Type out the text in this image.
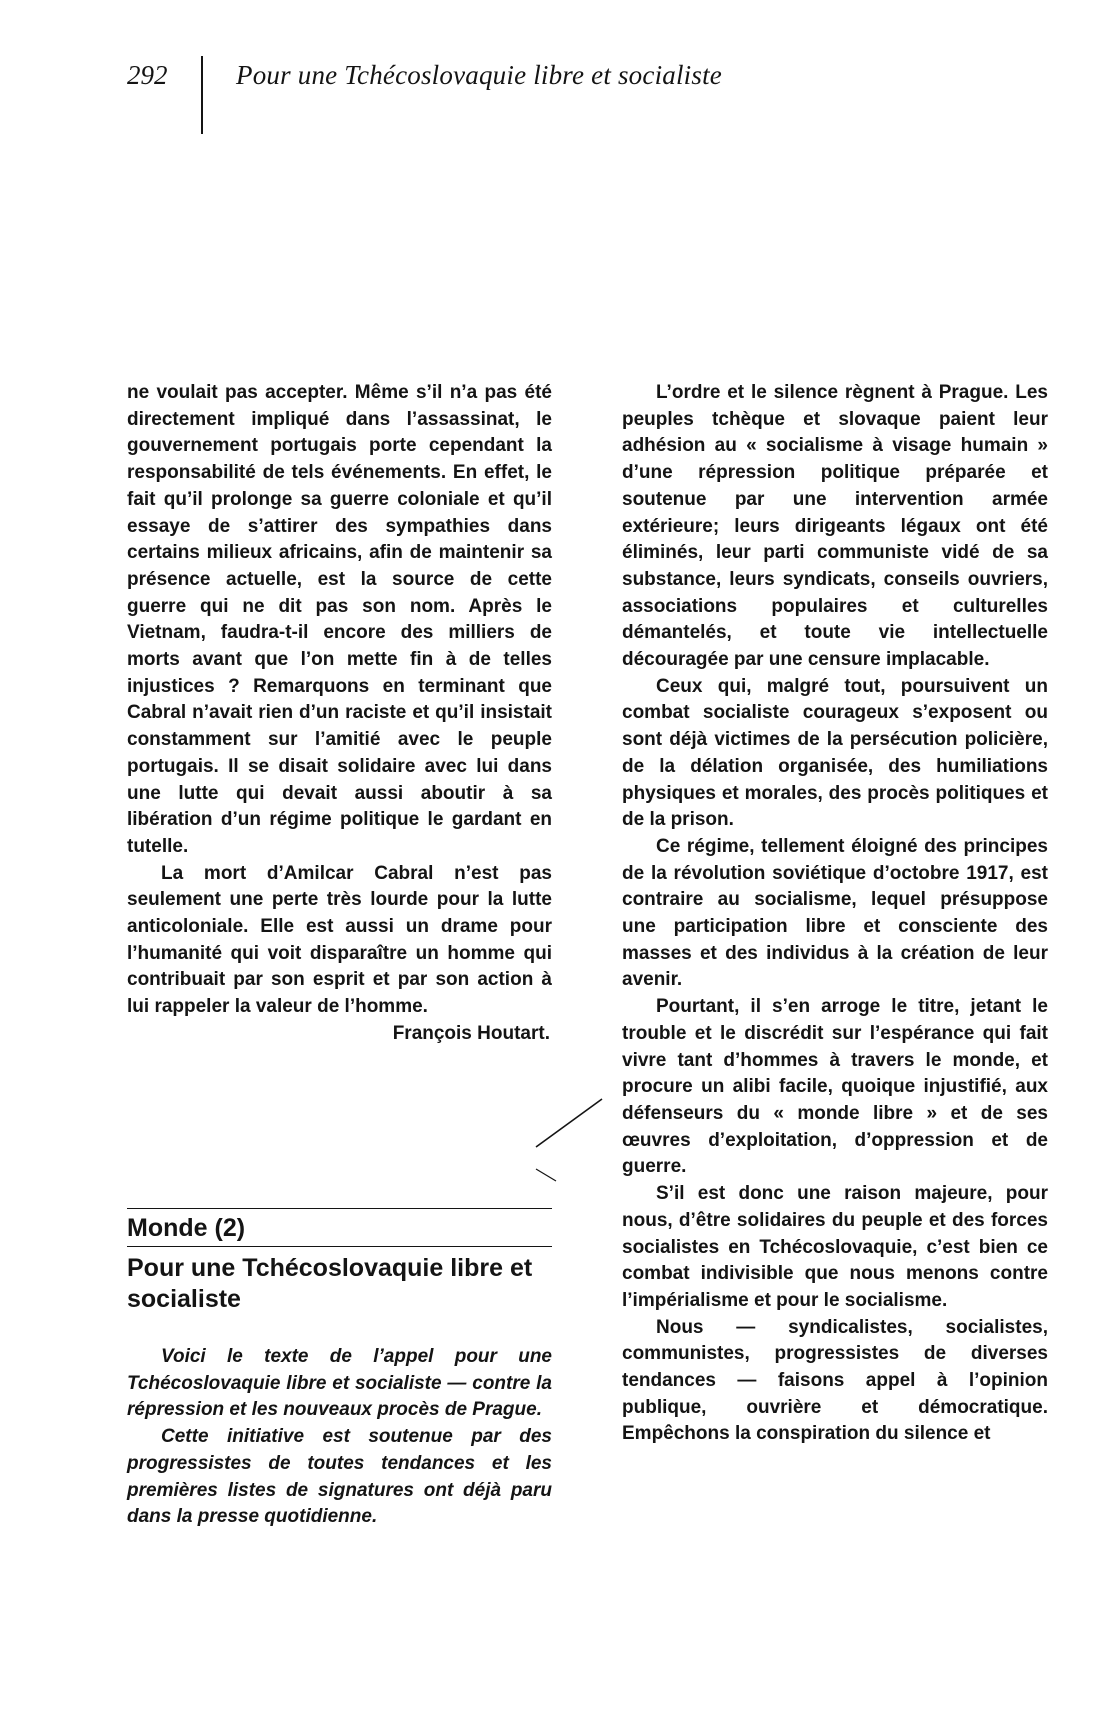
292	Pour une Tchécoslovaquie libre et socialiste

ne voulait pas accepter. Même s’il n’a pas été directement impliqué dans l’assassinat, le gouvernement portugais porte cependant la responsabilité de tels événements. En effet, le fait qu’il prolonge sa guerre coloniale et qu’il essaye de s’attirer des sympathies dans certains milieux africains, afin de maintenir sa présence actuelle, est la source de cette guerre qui ne dit pas son nom. Après le Vietnam, faudra-t-il encore des milliers de morts avant que l’on mette fin à de telles injustices ? Remarquons en terminant que Cabral n’avait rien d’un raciste et qu’il insistait constamment sur l’amitié avec le peuple portugais. Il se disait solidaire avec lui dans une lutte qui devait aussi aboutir à sa libération d’un régime politique le gardant en tutelle.

La mort d’Amilcar Cabral n’est pas seulement une perte très lourde pour la lutte anticoloniale. Elle est aussi un drame pour l’humanité qui voit disparaître un homme qui contribuait par son esprit et par son action à lui rappeler la valeur de l’homme.

François Houtart.

Monde (2)
Pour une Tchécoslovaquie libre et socialiste

Voici le texte de l’appel pour une Tchécoslovaquie libre et socialiste — contre la répression et les nouveaux procès de Prague.

Cette initiative est soutenue par des progressistes de toutes tendances et les premières listes de signatures ont déjà paru dans la presse quotidienne.

L’ordre et le silence règnent à Prague. Les peuples tchèque et slovaque paient leur adhésion au « socialisme à visage humain » d’une répression politique préparée et soutenue par une intervention armée extérieure; leurs dirigeants légaux ont été éliminés, leur parti communiste vidé de sa substance, leurs syndicats, conseils ouvriers, associations populaires et culturelles démantelés, et toute vie intellectuelle découragée par une censure implacable.

Ceux qui, malgré tout, poursuivent un combat socialiste courageux s’exposent ou sont déjà victimes de la persécution policière, de la délation organisée, des humiliations physiques et morales, des procès politiques et de la prison.

Ce régime, tellement éloigné des principes de la révolution soviétique d’octobre 1917, est contraire au socialisme, lequel présuppose une participation libre et consciente des masses et des individus à la création de leur avenir.

Pourtant, il s’en arroge le titre, jetant le trouble et le discrédit sur l’espérance qui fait vivre tant d’hommes à travers le monde, et procure un alibi facile, quoique injustifié, aux défenseurs du « monde libre » et de ses œuvres d’exploitation, d’oppression et de guerre.

S’il est donc une raison majeure, pour nous, d’être solidaires du peuple et des forces socialistes en Tchécoslovaquie, c’est bien ce combat indivisible que nous menons contre l’impérialisme et pour le socialisme.

Nous — syndicalistes, socialistes, communistes, progressistes de diverses tendances — faisons appel à l’opinion publique, ouvrière et démocratique. Empêchons la conspiration du silence et
